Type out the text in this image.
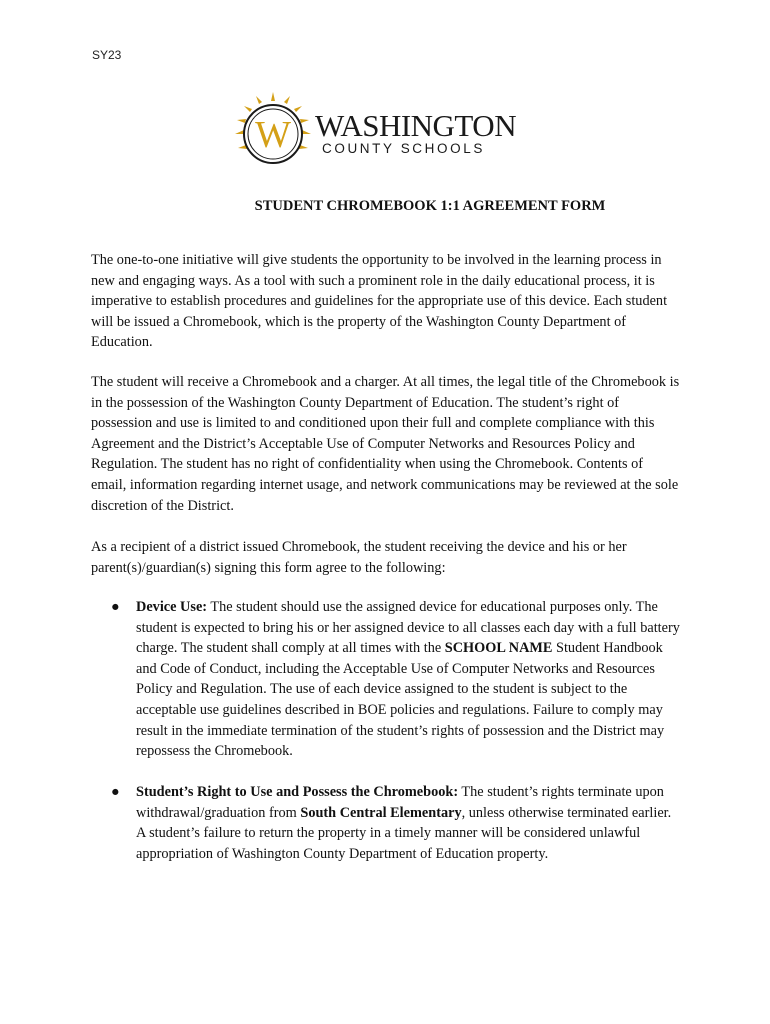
SY23
W WASHINGTON
COUNTY SCHOOLS
STUDENT CHROMEBOOK 1:1 AGREEMENT FORM

The one-to-one initiative will give students the opportunity to be involved in the learning process in new and engaging ways. As a tool with such a prominent role in the daily educational process, it is imperative to establish procedures and guidelines for the appropriate use of this device. Each student will be issued a Chromebook, which is the property of the Washington County Department of Education.

The student will receive a Chromebook and a charger. At all times, the legal title of the Chromebook is in the possession of the Washington County Department of Education. The student’s right of possession and use is limited to and conditioned upon their full and complete compliance with this Agreement and the District’s Acceptable Use of Computer Networks and Resources Policy and Regulation. The student has no right of confidentiality when using the Chromebook. Contents of email, information regarding internet usage, and network communications may be reviewed at the sole discretion of the District.

As a recipient of a district issued Chromebook, the student receiving the device and his or her parent(s)/guardian(s) signing this form agree to the following:

● Device Use: The student should use the assigned device for educational purposes only. The student is expected to bring his or her assigned device to all classes each day with a full battery charge. The student shall comply at all times with the SCHOOL NAME Student Handbook and Code of Conduct, including the Acceptable Use of Computer Networks and Resources Policy and Regulation. The use of each device assigned to the student is subject to the acceptable use guidelines described in BOE policies and regulations. Failure to comply may result in the immediate termination of the student’s rights of possession and the District may repossess the Chromebook.

● Student’s Right to Use and Possess the Chromebook: The student’s rights terminate upon withdrawal/graduation from South Central Elementary, unless otherwise terminated earlier. A student’s failure to return the property in a timely manner will be considered unlawful appropriation of Washington County Department of Education property.
